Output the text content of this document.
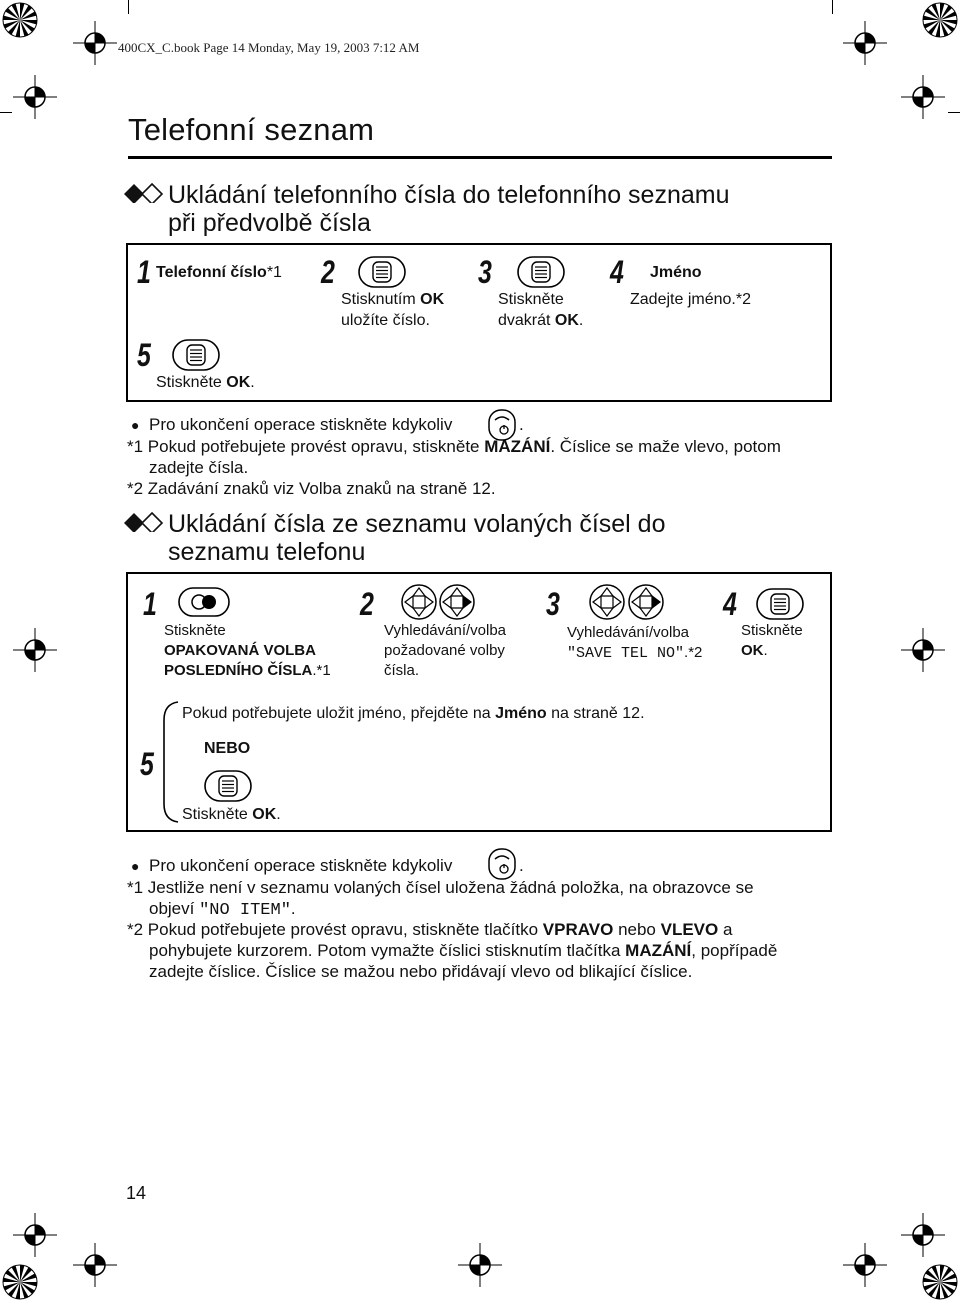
400CX_C.book Page 14 Monday, May 19, 2003 7:12 AM
Telefonní seznam
Ukládání telefonního čísla do telefonního seznamu
při předvolbě čísla
1 Telefonní číslo*1 2
Stisknutím OK
uložíte číslo.
3
Stiskněte
dvakrát OK.
4 Jméno
Zadejte jméno.*2
5
Stiskněte OK.
● Pro ukončení operace stiskněte kdykoliv	.
*1 Pokud potřebujete provést opravu, stiskněte MAZÁNÍ. Číslice se maže vlevo, potom
zadejte čísla.
*2 Zadávání znaků viz Volba znaků na straně 12.
Ukládání čísla ze seznamu volaných čísel do
seznamu telefonu
1
Stiskněte
OPAKOVANÁ VOLBA
POSLEDNÍHO ČÍSLA.*1
2
Vyhledávání/volba
požadované volby
čísla.
3
Vyhledávání/volba
"SAVE TEL NO".*2
4
Stiskněte
OK.
5
Pokud potřebujete uložit jméno, přejděte na Jméno na straně 12.
NEBO
Stiskněte OK.
● Pro ukončení operace stiskněte kdykoliv	.
*1 Jestliže není v seznamu volaných čísel uložena žádná položka, na obrazovce se
objeví "NO ITEM".
*2 Pokud potřebujete provést opravu, stiskněte tlačítko VPRAVO nebo VLEVO a
pohybujete kurzorem. Potom vymažte číslici stisknutím tlačítka MAZÁNÍ, popřípadě
zadejte číslice. Číslice se mažou nebo přidávají vlevo od blikající číslice.
14
